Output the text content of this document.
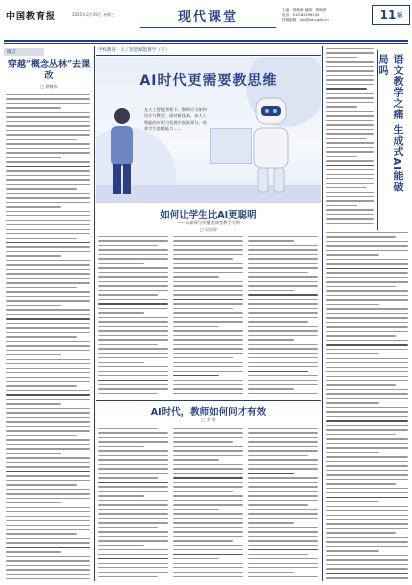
中国教育报	2025年3月19日 星期三	现代课堂	主编：林焕章 编辑：林焕章
电话：010-82296744
投稿邮箱：jyb@edu.gov.cn	11 版
微言
穿越“概念丛林”去课改
□ 徐继伟
学校教育 · 人工智能赋能教学（下）
AI时代更需要教思维
在人工智能背景下，教师应当如何设计与教学，面对新技术，从人工智能的应用与发展中汲取养分，培养学生思维能力……
如何让学生比AI更聪明
——以新闻与传播类课堂教学为例
□ 吴雨婷
AI时代，教师如何问才有效
□ 李 华
语文教学之痛 生成式AI能破局吗
